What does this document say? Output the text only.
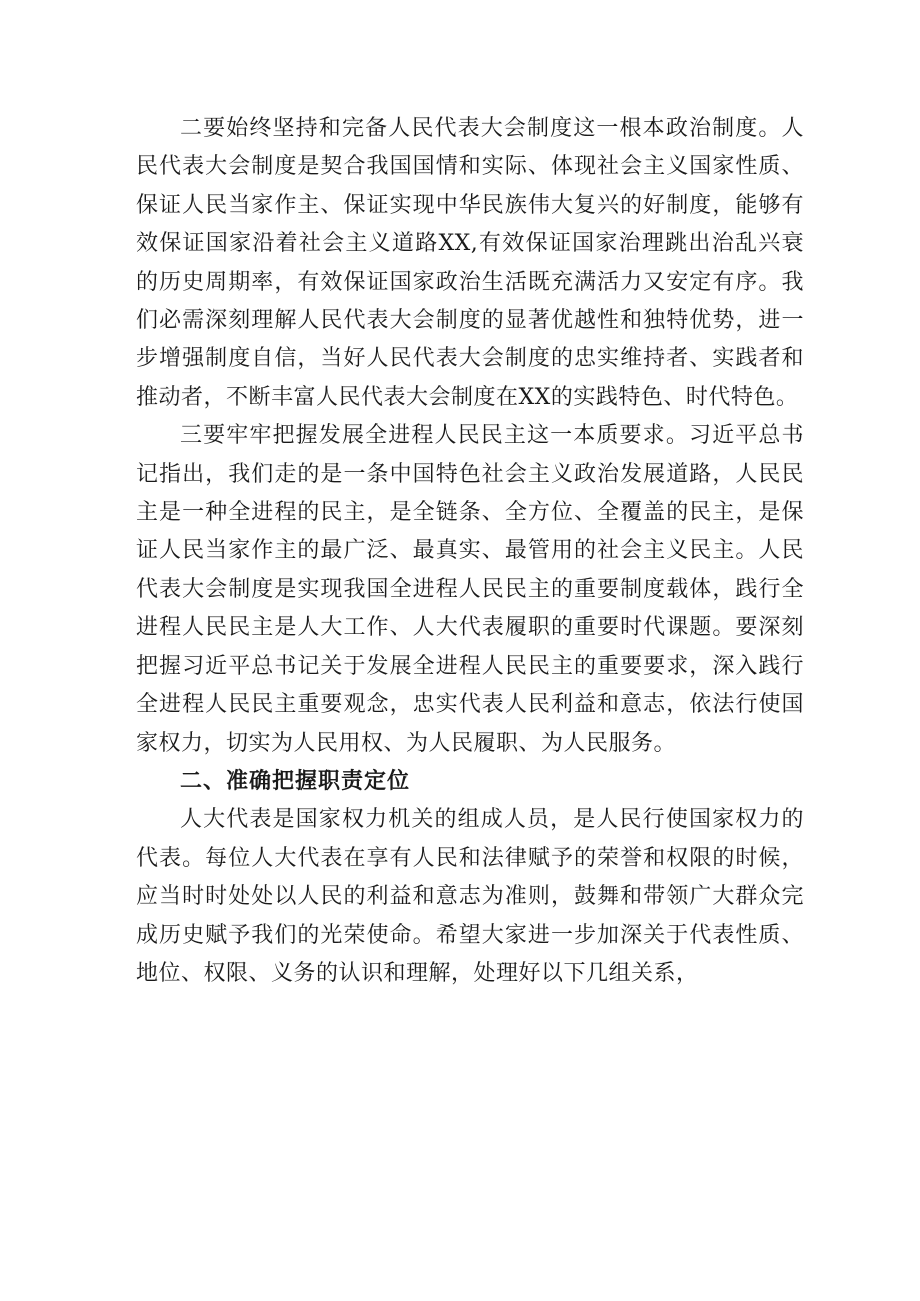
二要始终坚持和完备人民代表大会制度这一根本政治制度。人民代表大会制度是契合我国国情和实际、体现社会主义国家性质、保证人民当家作主、保证实现中华民族伟大复兴的好制度，能够有效保证国家沿着社会主义道路XX,有效保证国家治理跳出治乱兴衰的历史周期率，有效保证国家政治生活既充满活力又安定有序。我们必需深刻理解人民代表大会制度的显著优越性和独特优势，进一步增强制度自信，当好人民代表大会制度的忠实维持者、实践者和推动者，不断丰富人民代表大会制度在XX的实践特色、时代特色。

三要牢牢把握发展全进程人民民主这一本质要求。习近平总书记指出，我们走的是一条中国特色社会主义政治发展道路，人民民主是一种全进程的民主，是全链条、全方位、全覆盖的民主，是保证人民当家作主的最广泛、最真实、最管用的社会主义民主。人民代表大会制度是实现我国全进程人民民主的重要制度载体，践行全进程人民民主是人大工作、人大代表履职的重要时代课题。要深刻把握习近平总书记关于发展全进程人民民主的重要要求，深入践行全进程人民民主重要观念，忠实代表人民利益和意志，依法行使国家权力，切实为人民用权、为人民履职、为人民服务。

二、准确把握职责定位

人大代表是国家权力机关的组成人员，是人民行使国家权力的代表。每位人大代表在享有人民和法律赋予的荣誉和权限的时候，应当时时处处以人民的利益和意志为准则，鼓舞和带领广大群众完成历史赋予我们的光荣使命。希望大家进一步加深关于代表性质、地位、权限、义务的认识和理解，处理好以下几组关系，
